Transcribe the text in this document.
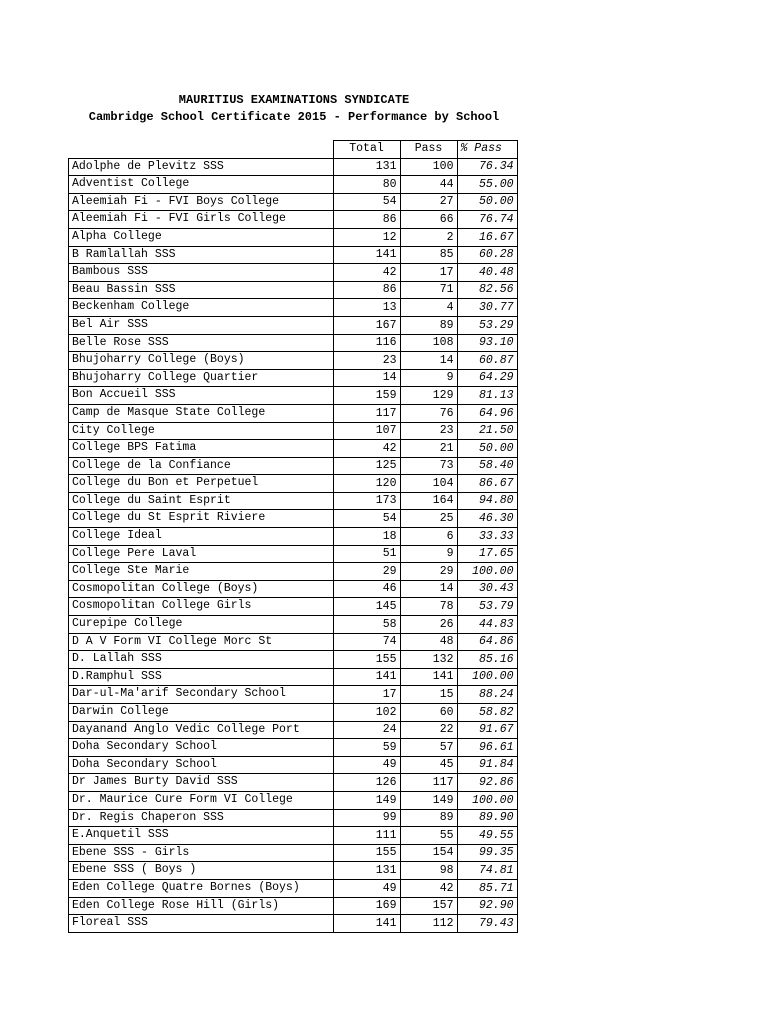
MAURITIUS EXAMINATIONS SYNDICATE
Cambridge School Certificate 2015 - Performance by School
	Total	Pass	% Pass
Adolphe de Plevitz SSS	131	100	76.34
Adventist College	80	44	55.00
Aleemiah Fi - FVI Boys College	54	27	50.00
Aleemiah Fi - FVI Girls College	86	66	76.74
Alpha College	12	2	16.67
B Ramlallah SSS	141	85	60.28
Bambous SSS	42	17	40.48
Beau Bassin SSS	86	71	82.56
Beckenham College	13	4	30.77
Bel Air SSS	167	89	53.29
Belle Rose SSS	116	108	93.10
Bhujoharry College (Boys)	23	14	60.87
Bhujoharry College Quartier	14	9	64.29
Bon Accueil SSS	159	129	81.13
Camp de Masque State College	117	76	64.96
City College	107	23	21.50
College BPS Fatima	42	21	50.00
College de la Confiance	125	73	58.40
College du Bon et Perpetuel	120	104	86.67
College du Saint Esprit	173	164	94.80
College du St Esprit Riviere	54	25	46.30
College Ideal	18	6	33.33
College Pere Laval	51	9	17.65
College Ste Marie	29	29	100.00
Cosmopolitan College (Boys)	46	14	30.43
Cosmopolitan College Girls	145	78	53.79
Curepipe College	58	26	44.83
D A V Form VI College Morc St	74	48	64.86
D. Lallah SSS	155	132	85.16
D.Ramphul SSS	141	141	100.00
Dar-ul-Ma'arif Secondary School	17	15	88.24
Darwin College	102	60	58.82
Dayanand Anglo Vedic College Port	24	22	91.67
Doha Secondary School	59	57	96.61
Doha Secondary School	49	45	91.84
Dr James Burty David SSS	126	117	92.86
Dr. Maurice Cure Form VI College	149	149	100.00
Dr. Regis Chaperon SSS	99	89	89.90
E.Anquetil SSS	111	55	49.55
Ebene SSS - Girls	155	154	99.35
Ebene SSS ( Boys )	131	98	74.81
Eden College Quatre Bornes (Boys)	49	42	85.71
Eden College Rose Hill (Girls)	169	157	92.90
Floreal SSS	141	112	79.43
